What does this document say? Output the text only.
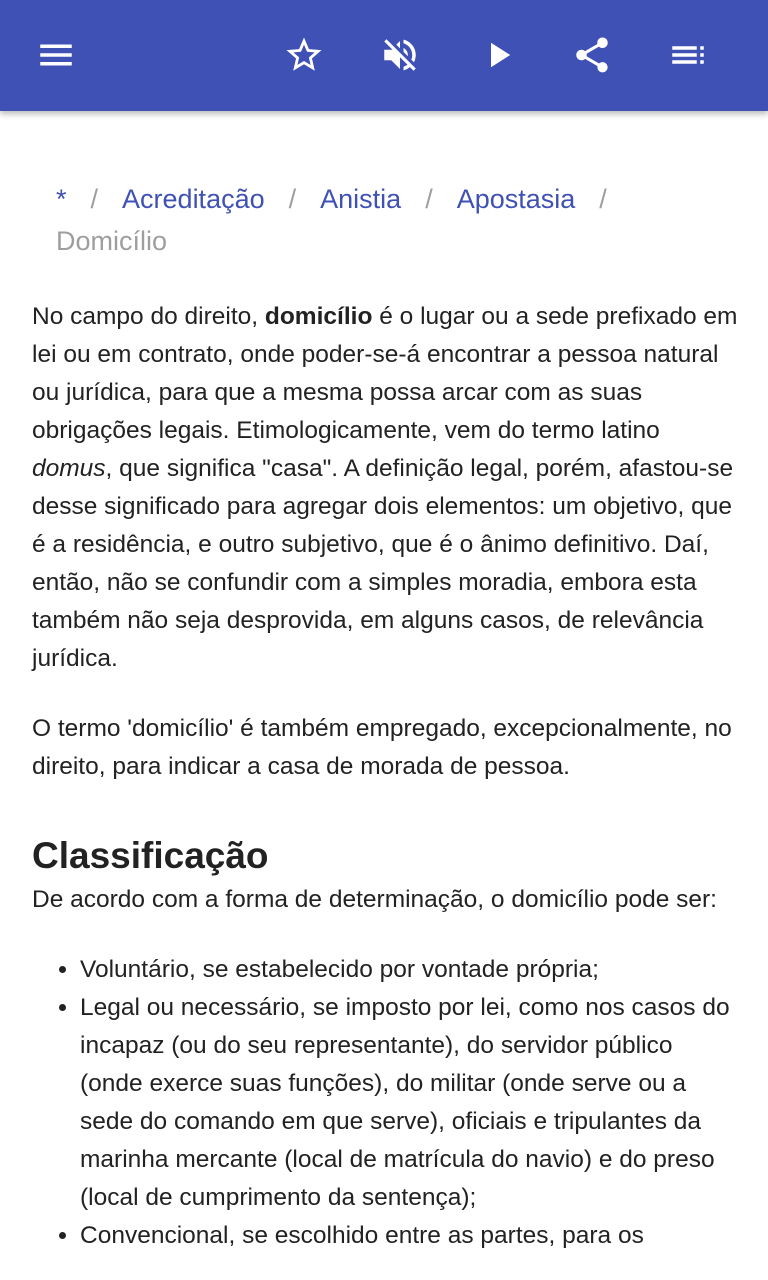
* / Acreditação / Anistia / Apostasia /
Domicílio

No campo do direito, domicílio é o lugar ou a sede prefixado em lei ou em contrato, onde poder-se-á encontrar a pessoa natural ou jurídica, para que a mesma possa arcar com as suas obrigações legais. Etimologicamente, vem do termo latino domus, que significa "casa". A definição legal, porém, afastou-se desse significado para agregar dois elementos: um objetivo, que é a residência, e outro subjetivo, que é o ânimo definitivo. Daí, então, não se confundir com a simples moradia, embora esta também não seja desprovida, em alguns casos, de relevância jurídica.

O termo 'domicílio' é também empregado, excepcionalmente, no direito, para indicar a casa de morada de pessoa.

Classificação

De acordo com a forma de determinação, o domicílio pode ser:

• Voluntário, se estabelecido por vontade própria;
• Legal ou necessário, se imposto por lei, como nos casos do incapaz (ou do seu representante), do servidor público (onde exerce suas funções), do militar (onde serve ou a sede do comando em que serve), oficiais e tripulantes da marinha mercante (local de matrícula do navio) e do preso (local de cumprimento da sentença);
• Convencional, se escolhido entre as partes, para os
